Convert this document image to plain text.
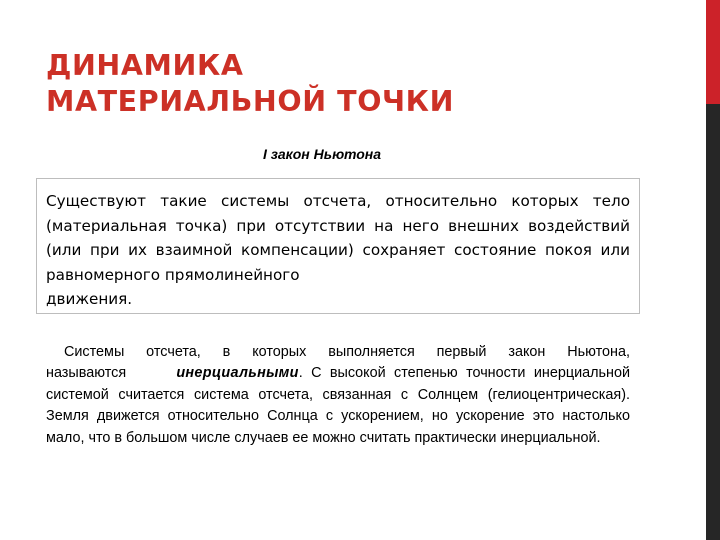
ДИНАМИКА
МАТЕРИАЛЬНОЙ ТОЧКИ
I закон Ньютона
Существуют такие системы отсчета, относительно которых тело (материальная точка) при отсутствии на него внешних воздействий (или при их взаимной компенсации) сохраняет состояние покоя или равномерного прямолинейного
движения.
Системы отсчета, в которых выполняется первый закон Ньютона, называются	инерциальными. С высокой степенью точности инерциальной системой считается система отсчета, связанная с Солнцем (гелиоцентрическая). Земля движется относительно Солнца с ускорением, но ускорение это настолько мало, что в большом числе случаев ее можно считать практически инерциальной.
